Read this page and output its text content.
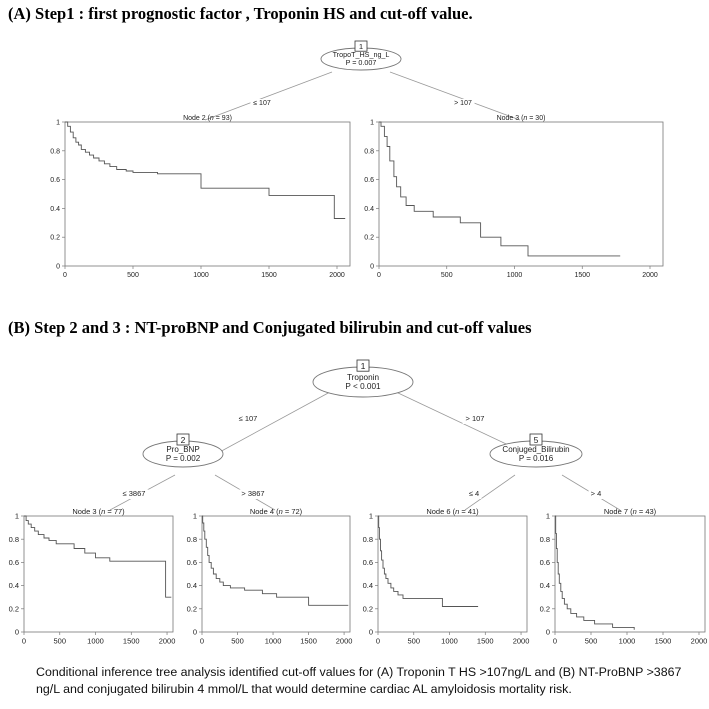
(A) Step1 : first prognostic factor , Troponin HS and cut-off value.
(B) Step 2 and 3 : NT-proBNP and Conjugated bilirubin and cut-off values
≤ 107	> 107
1
TropoT_HS_ng_L
P = 0.007
Node 2 (n = 93)
0
0.2
0.4
0.6
0.8
1
0	500	1000	1500	2000
Node 3 (n = 30)
0
0.2
0.4
0.6
0.8
1
0	500	1000	1500	2000
≤ 107	> 107
≤ 3867	> 3867	≤ 4	> 4
1
Troponin
P < 0.001
2
Pro_BNP
P = 0.002
5
Conjuged_Bilirubin
P = 0.016
Node 3 (n = 77)
0
0.2
0.4
0.6
0.8
1
0	500	1000	1500	2000
Node 4 (n = 72)
0
0.2
0.4
0.6
0.8
1
0	500	1000	1500	2000
Node 6 (n = 41)
0
0.2
0.4
0.6
0.8
1
0	500	1000	1500	2000
Node 7 (n = 43)
0
0.2
0.4
0.6
0.8
1
0	500	1000	1500	2000
Conditional inference tree analysis identified cut-off values for (A) Troponin T HS >107ng/L and (B) NT-ProBNP >3867 ng/L and conjugated bilirubin 4 mmol/L that would determine cardiac AL amyloidosis mortality risk.
